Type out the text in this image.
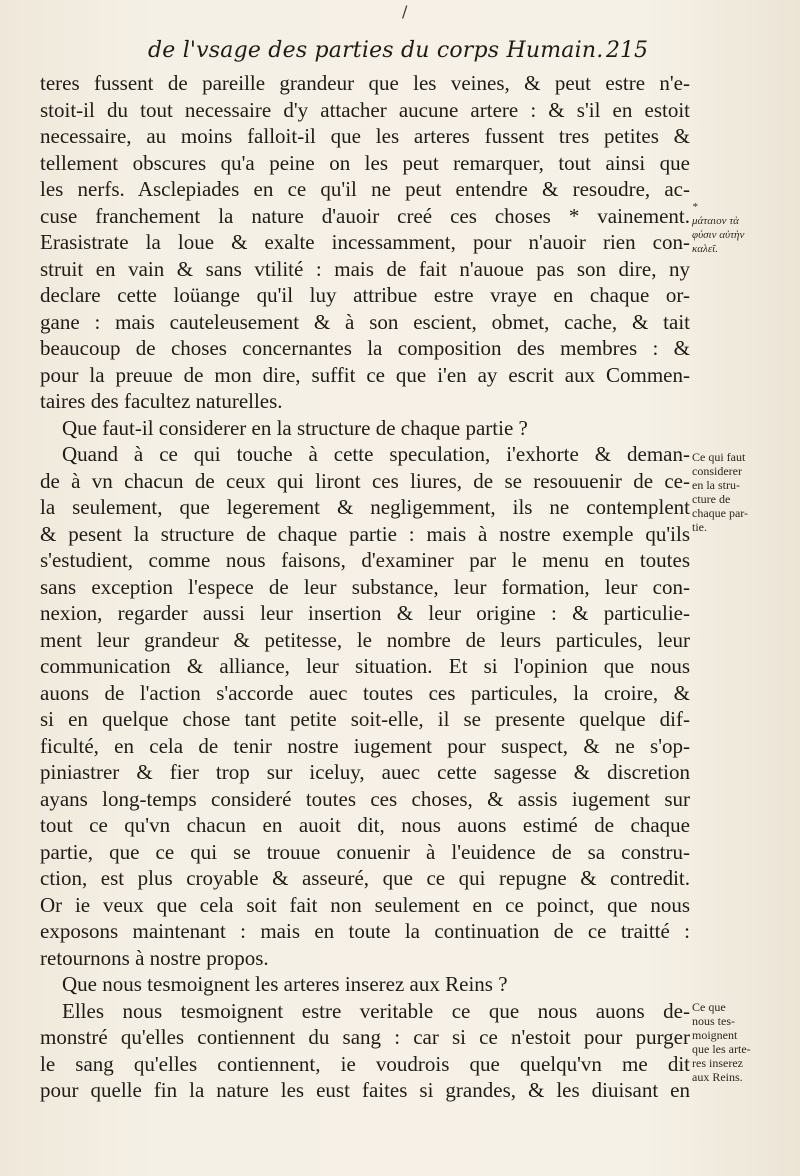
/
de l'vsage des parties du corps Humain. 215
teres fussent de pareille grandeur que les veines, & peut estre n'e-
stoit-il du tout necessaire d'y attacher aucune artere : & s'il en estoit
necessaire, au moins falloit-il que les arteres fussent tres petites &
tellement obscures qu'a peine on les peut remarquer, tout ainsi que
les nerfs. Asclepiades en ce qu'il ne peut entendre & resoudre, ac-
cuse franchement la nature d'auoir creé ces choses * vainement.
Erasistrate la loue & exalte incessamment, pour n'auoir rien con-
struit en vain & sans vtilité : mais de fait n'auoue pas son dire, ny
declare cette loüange qu'il luy attribue estre vraye en chaque or-
gane : mais cauteleusement & à son escient, obmet, cache, & tait
beaucoup de choses concernantes la composition des membres : &
pour la preuue de mon dire, suffit ce que i'en ay escrit aux Commen-
taires des facultez naturelles.
Que faut-il considerer en la structure de chaque partie ?
Quand à ce qui touche à cette speculation, i'exhorte & deman-
de à vn chacun de ceux qui liront ces liures, de se resouuenir de ce-
la seulement, que legerement & negligemment, ils ne contemplent
& pesent la structure de chaque partie : mais à nostre exemple qu'ils
s'estudient, comme nous faisons, d'examiner par le menu en toutes
sans exception l'espece de leur substance, leur formation, leur con-
nexion, regarder aussi leur insertion & leur origine : & particulie-
ment leur grandeur & petitesse, le nombre de leurs particules, leur
communication & alliance, leur situation. Et si l'opinion que nous
auons de l'action s'accorde auec toutes ces particules, la croire, &
si en quelque chose tant petite soit-elle, il se presente quelque dif-
ficulté, en cela de tenir nostre iugement pour suspect, & ne s'op-
piniastrer & fier trop sur iceluy, auec cette sagesse & discretion
ayans long-temps consideré toutes ces choses, & assis iugement sur
tout ce qu'vn chacun en auoit dit, nous auons estimé de chaque
partie, que ce qui se trouue conuenir à l'euidence de sa constru-
ction, est plus croyable & asseuré, que ce qui repugne & contredit.
Or ie veux que cela soit fait non seulement en ce poinct, que nous
exposons maintenant : mais en toute la continuation de ce traitté :
retournons à nostre propos.
Que nous tesmoignent les arteres inserez aux Reins ?
Elles nous tesmoignent estre veritable ce que nous auons de-
monstré qu'elles contiennent du sang : car si ce n'estoit pour purger
le sang qu'elles contiennent, ie voudrois que quelqu'vn me dit
pour quelle fin la nature les eust faites si grandes, & les diuisant en
*
μάταιον τὰ
φύσιν αὐτὴν
καλεῖ.
Ce qui faut
considerer
en la stru-
cture de
chaque par-
tie.
Ce que
nous tes-
moignent
que les arte-
res inserez
aux Reins.
